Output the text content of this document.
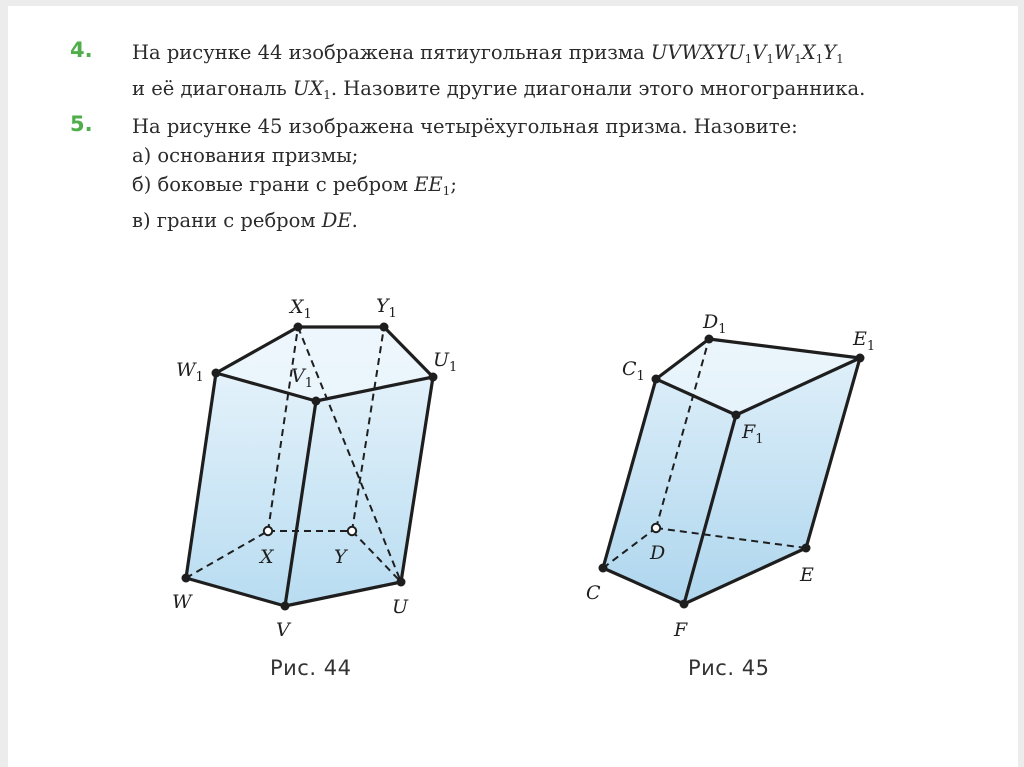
4. На рисунке 44 изображена пятиугольная призма $UVWXYU_1V_1W_1X_1Y_1$
и её диагональ $UX_1$. Назовите другие диагонали этого многогранника.
5. На рисунке 45 изображена четырёхугольная призма. Назовите:
а) основания призмы;
б) боковые грани с ребром $EE_1$;
в) грани с ребром DE.
$X_1$	$Y_1$
$W_1$	$V_1$
$U_1$
X	Y
W
V
U
$D_1$	$E_1$
$C_1$
$F_1$
D
E
C
F
Рис. 44	Рис. 45
